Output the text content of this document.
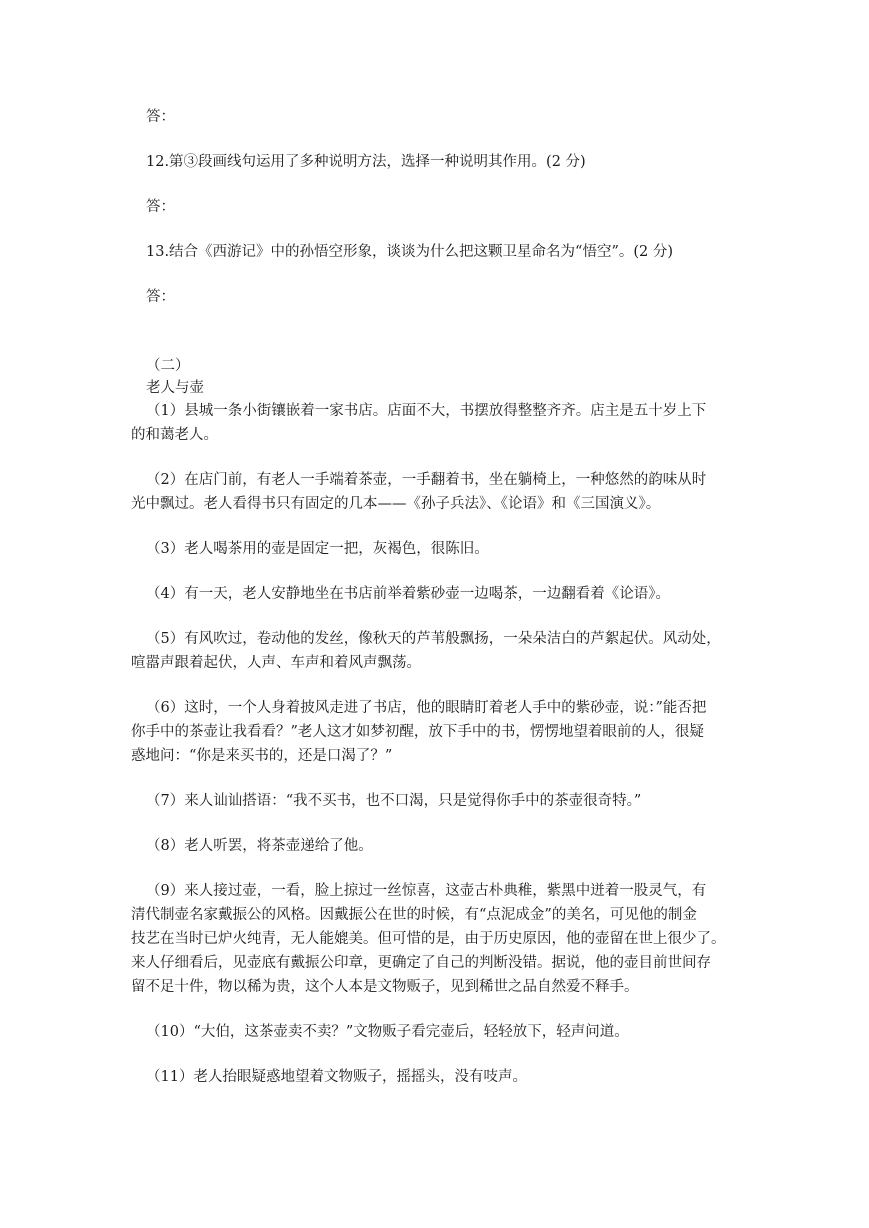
答：
12.第③段画线句运用了多种说明方法，选择一种说明其作用。(2 分)
答：
13.结合《西游记》中的孙悟空形象，谈谈为什么把这颗卫星命名为“悟空”。(2 分)
答：
（二）
老人与壶
（1）县城一条小街镶嵌着一家书店。店面不大，书摆放得整整齐齐。店主是五十岁上下
的和蔼老人。
（2）在店门前，有老人一手端着茶壶，一手翻着书，坐在躺椅上，一种悠然的韵味从时
光中飘过。老人看得书只有固定的几本——《孙子兵法》、《论语》和《三国演义》。
（3）老人喝茶用的壶是固定一把，灰褐色，很陈旧。
（4）有一天，老人安静地坐在书店前举着紫砂壶一边喝茶，一边翻看着《论语》。
（5）有风吹过，卷动他的发丝，像秋天的芦苇般飘扬，一朵朵洁白的芦絮起伏。风动处，
喧嚣声跟着起伏，人声、车声和着风声飘荡。
（6）这时，一个人身着披风走进了书店，他的眼睛盯着老人手中的紫砂壶，说：”能否把
你手中的茶壶让我看看？”老人这才如梦初醒，放下手中的书，愣愣地望着眼前的人，很疑
惑地问：“你是来买书的，还是口渴了？”
（7）来人讪讪搭语：“我不买书，也不口渴，只是觉得你手中的茶壶很奇特。”
（8）老人听罢，将茶壶递给了他。
（9）来人接过壶，一看，脸上掠过一丝惊喜，这壶古朴典稚，紫黑中迸着一股灵气，有
清代制壶名家戴振公的风格。因戴振公在世的时候，有“点泥成金”的美名，可见他的制金
技艺在当时已炉火纯青，无人能媲美。但可惜的是，由于历史原因，他的壶留在世上很少了。
来人仔细看后，见壶底有戴振公印章，更确定了自己的判断没错。据说，他的壶目前世间存
留不足十件，物以稀为贵，这个人本是文物贩子，见到稀世之品自然爱不释手。
（10）“大伯，这茶壶卖不卖？”文物贩子看完壶后，轻轻放下，轻声问道。
（11）老人抬眼疑惑地望着文物贩子，摇摇头，没有吱声。
